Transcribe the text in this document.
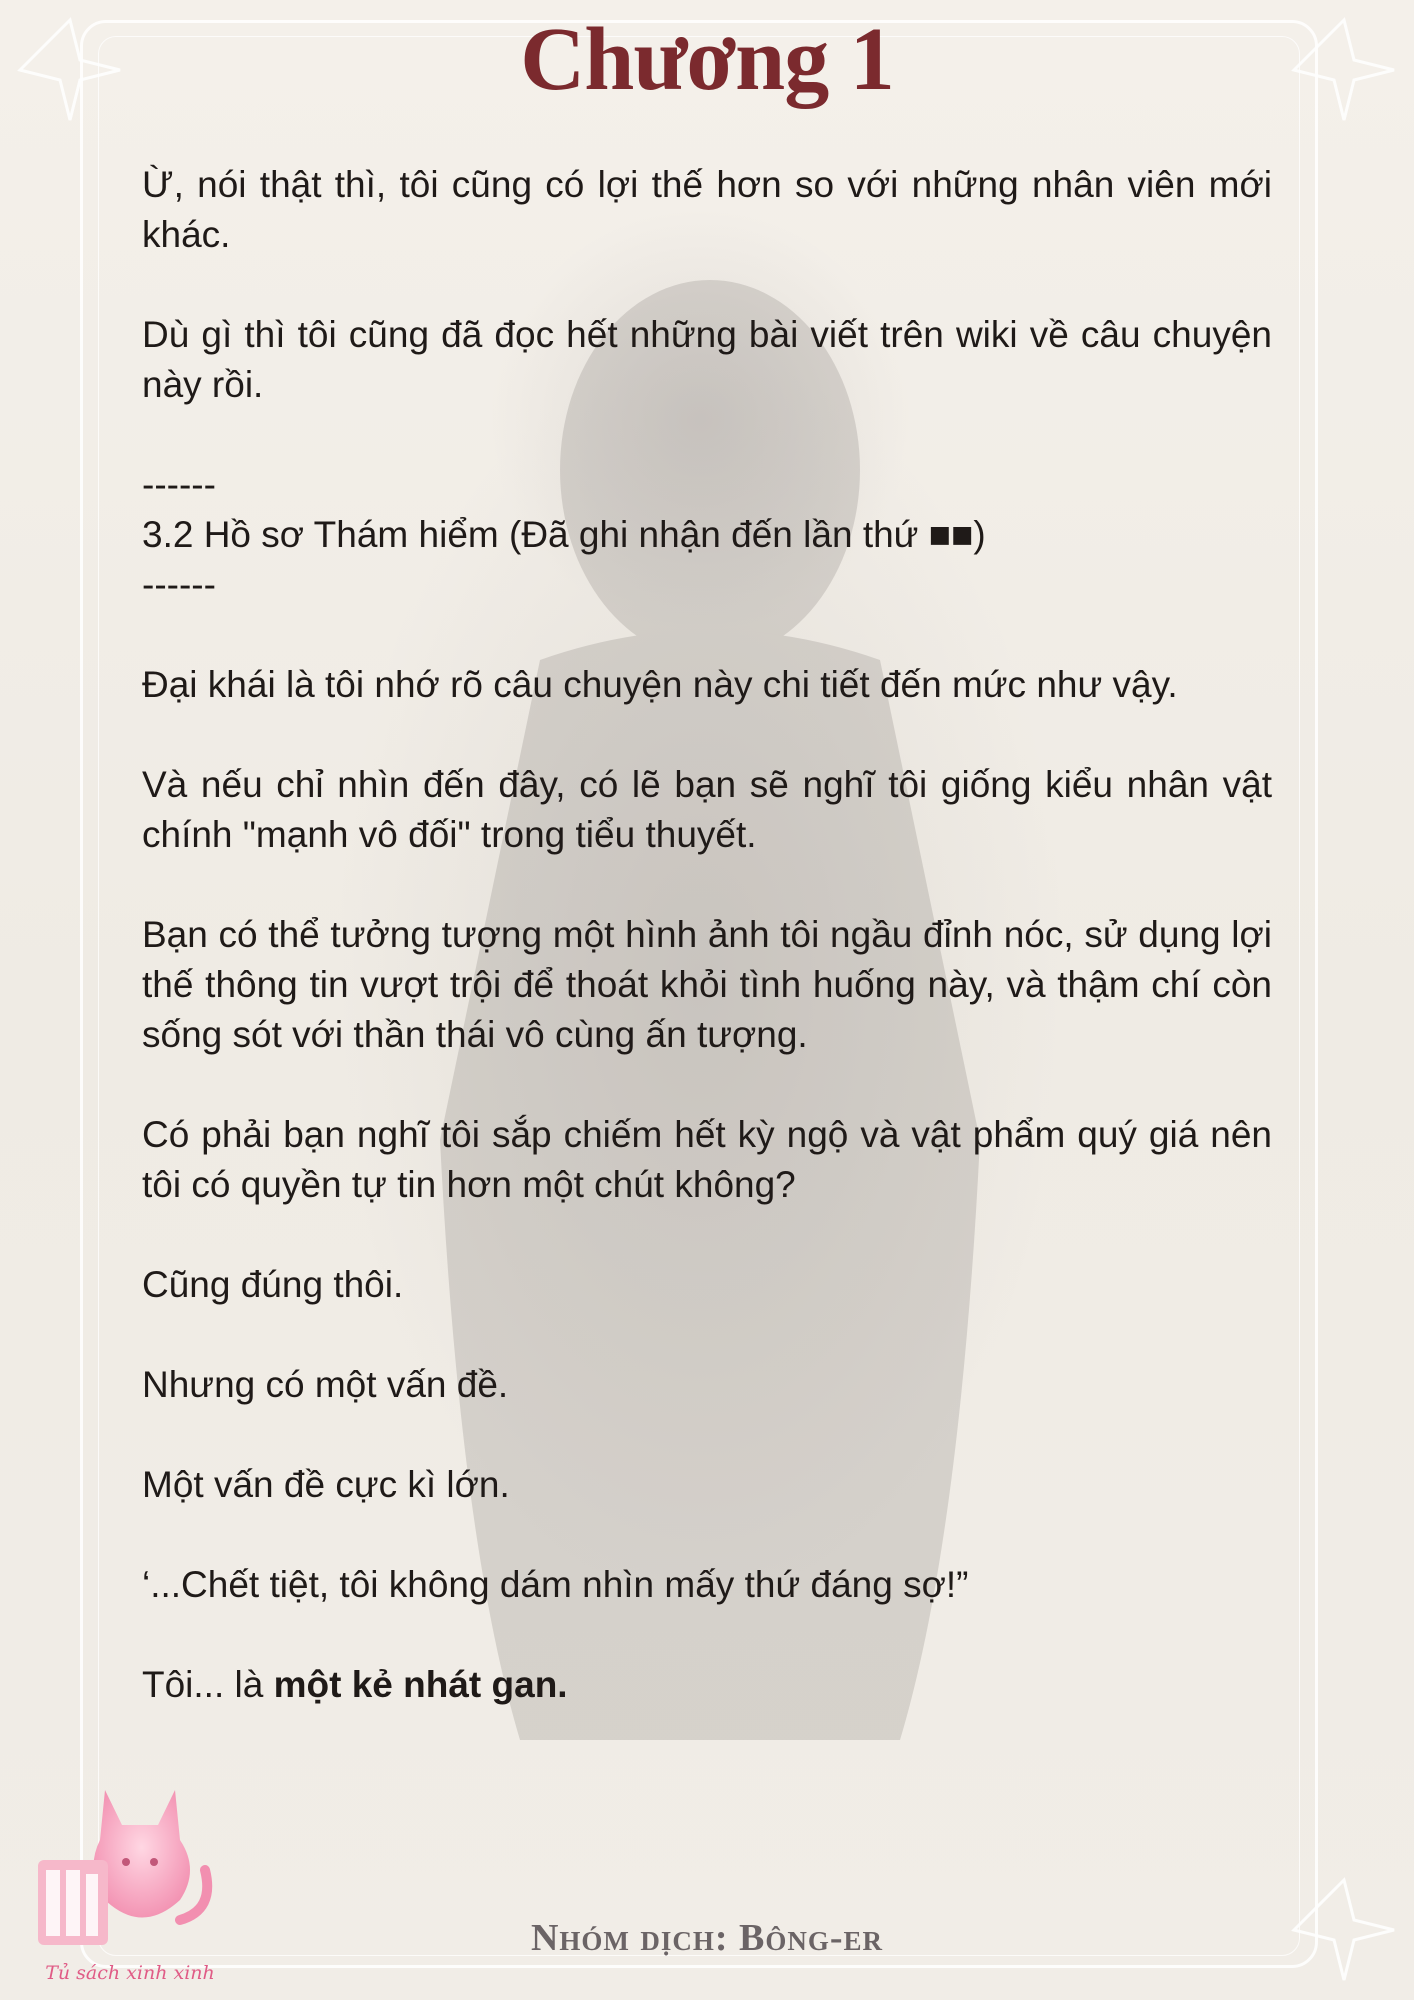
Chương 1

Ừ, nói thật thì, tôi cũng có lợi thế hơn so với những nhân viên mới khác.

Dù gì thì tôi cũng đã đọc hết những bài viết trên wiki về câu chuyện này rồi.

------

3.2 Hồ sơ Thám hiểm (Đã ghi nhận đến lần thứ ■■)

------

Đại khái là tôi nhớ rõ câu chuyện này chi tiết đến mức như vậy.

Và nếu chỉ nhìn đến đây, có lẽ bạn sẽ nghĩ tôi giống kiểu nhân vật chính "mạnh vô đối" trong tiểu thuyết.

Bạn có thể tưởng tượng một hình ảnh tôi ngầu đỉnh nóc, sử dụng lợi thế thông tin vượt trội để thoát khỏi tình huống này, và thậm chí còn sống sót với thần thái vô cùng ấn tượng.

Có phải bạn nghĩ tôi sắp chiếm hết kỳ ngộ và vật phẩm quý giá nên tôi có quyền tự tin hơn một chút không?

Cũng đúng thôi.

Nhưng có một vấn đề.

Một vấn đề cực kì lớn.

‘...Chết tiệt, tôi không dám nhìn mấy thứ đáng sợ!”

Tôi... là một kẻ nhát gan.

Tủ sách xinh xinh
Nhóm dịch: Bông-er
